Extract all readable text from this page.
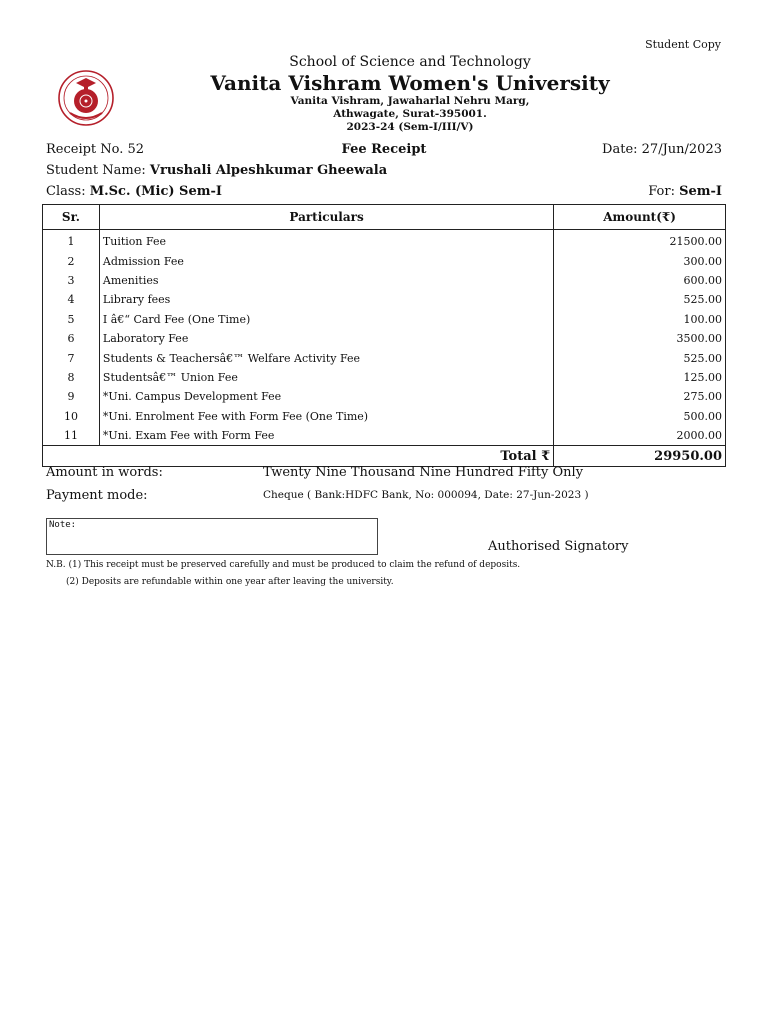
Student Copy
School of Science and Technology
Vanita Vishram Women's University
Vanita Vishram, Jawaharlal Nehru Marg,
Athwagate, Surat-395001.
2023-24 (Sem-I/III/V)
Receipt No. 52	Fee Receipt	Date: 27/Jun/2023
Student Name: Vrushali Alpeshkumar Gheewala
Class: M.Sc. (Mic) Sem-I	For: Sem-I
Sr.	Particulars	Amount(₹)
1	Tuition Fee	21500.00
2	Admission Fee	300.00
3	Amenities	600.00
4	Library fees	525.00
5	I â€“ Card Fee (One Time)	100.00
6	Laboratory Fee	3500.00
7	Students & Teachersâ€™ Welfare Activity Fee	525.00
8	Studentsâ€™ Union Fee	125.00
9	*Uni. Campus Development Fee	275.00
10	*Uni. Enrolment Fee with Form Fee (One Time)	500.00
11	*Uni. Exam Fee with Form Fee	2000.00
Total ₹		29950.00
Amount in words:	Twenty Nine Thousand Nine Hundred Fifty Only
Payment mode:	Cheque ( Bank:HDFC Bank, No: 000094, Date: 27-Jun-2023 )
Note:
Authorised Signatory
N.B. (1) This receipt must be preserved carefully and must be produced to claim the refund of deposits.
(2) Deposits are refundable within one year after leaving the university.
